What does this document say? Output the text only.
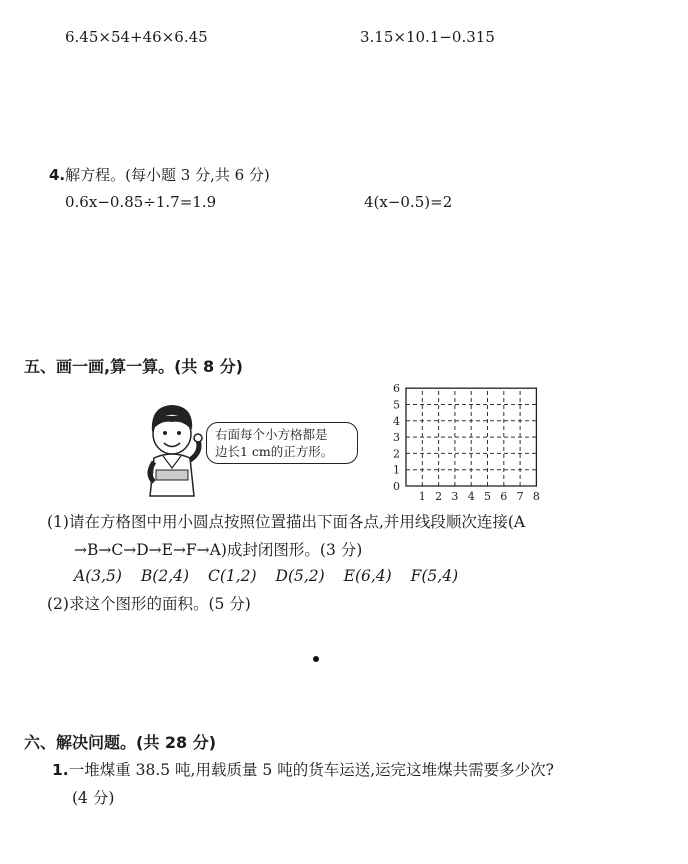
6.45×54+46×6.45	3.15×10.1−0.315
4.解方程。(每小题 3 分,共 6 分)
0.6x−0.85÷1.7=1.9	4(x−0.5)=2
五、画一画,算一算。(共 8 分)
右面每个小方格都是
边长1 cm的正方形。
6
5
4
3
2
1
0
1 2 3 4 5 6 7 8
(1)请在方格图中用小圆点按照位置描出下面各点,并用线段顺次连接(A
→B→C→D→E→F→A)成封闭图形。(3 分)
A(3,5) B(2,4) C(1,2) D(5,2) E(6,4) F(5,4)
(2)求这个图形的面积。(5 分)
六、解决问题。(共 28 分)
1.一堆煤重 38.5 吨,用载质量 5 吨的货车运送,运完这堆煤共需要多少次?
(4 分)
